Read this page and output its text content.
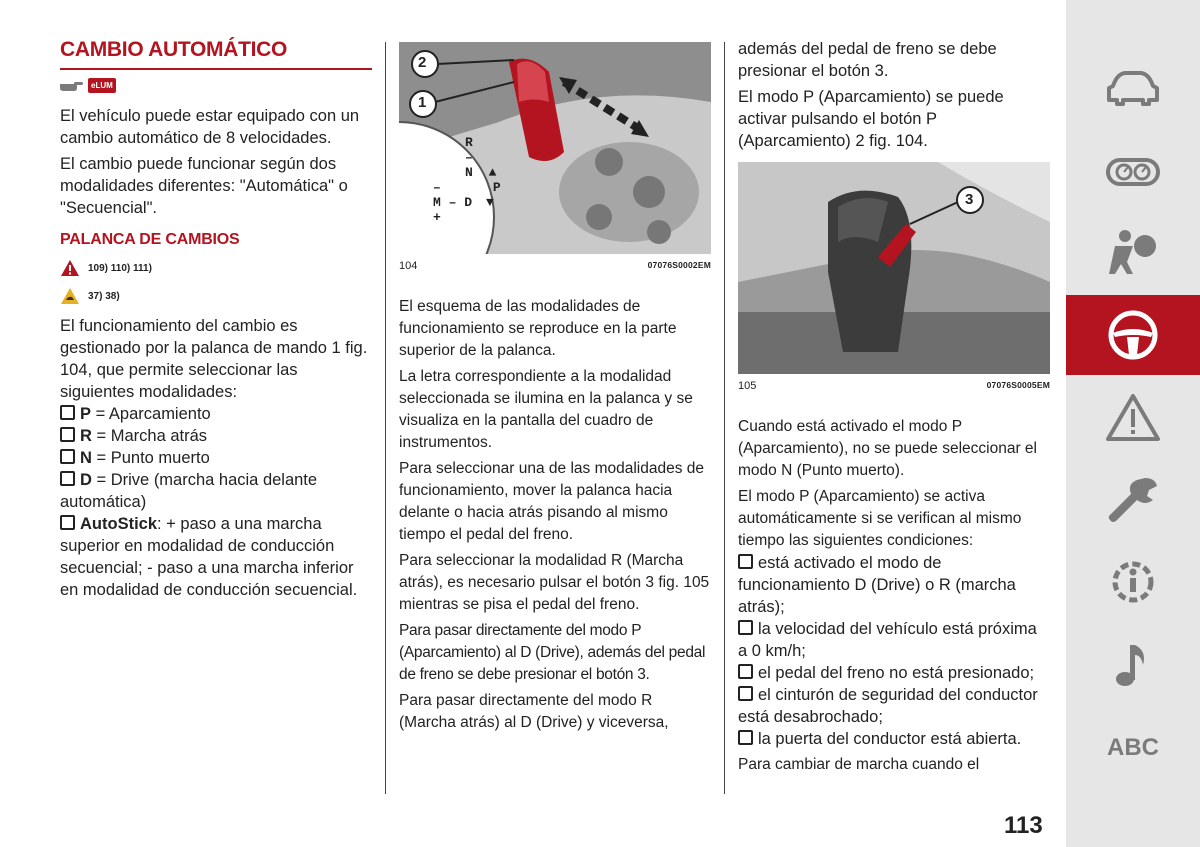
CAMBIO AUTOMÁTICO
eLUM

El vehículo puede estar equipado con un cambio automático de 8 velocidades.

El cambio puede funcionar según dos modalidades diferentes: "Automática" o "Secuencial".

PALANCA DE CAMBIOS
109) 110) 111)
37) 38)

El funcionamiento del cambio es gestionado por la palanca de mando 1 fig. 104, que permite seleccionar las siguientes modalidades:

P = Aparcamiento
R = Marcha atrás
N = Punto muerto
D = Drive (marcha hacia delante automática)
AutoStick: + paso a una marcha superior en modalidad de conducción secuencial; - paso a una marcha inferior en modalidad de conducción secuencial.
2
1
R
–
N ▲
–	P
M – D ▼
+
104	07076S0002EM

El esquema de las modalidades de funcionamiento se reproduce en la parte superior de la palanca.

La letra correspondiente a la modalidad seleccionada se ilumina en la palanca y se visualiza en la pantalla del cuadro de instrumentos.

Para seleccionar una de las modalidades de funcionamiento, mover la palanca hacia delante o hacia atrás pisando al mismo tiempo el pedal del freno.

Para seleccionar la modalidad R (Marcha atrás), es necesario pulsar el botón 3 fig. 105 mientras se pisa el pedal del freno.

Para pasar directamente del modo P (Aparcamiento) al D (Drive), además del pedal de freno se debe presionar el botón 3.

Para pasar directamente del modo R (Marcha atrás) al D (Drive) y viceversa,

además del pedal de freno se debe presionar el botón 3.

El modo P (Aparcamiento) se puede activar pulsando el botón P (Aparcamiento) 2 fig. 104.

3
105	07076S0005EM

Cuando está activado el modo P (Aparcamiento), no se puede seleccionar el modo N (Punto muerto).

El modo P (Aparcamiento) se activa automáticamente si se verifican al mismo tiempo las siguientes condiciones:

está activado el modo de funcionamiento D (Drive) o R (marcha atrás);
la velocidad del vehículo está próxima a 0 km/h;
el pedal del freno no está presionado;
el cinturón de seguridad del conductor está desabrochado;
la puerta del conductor está abierta.

Para cambiar de marcha cuando el

113
ABC
